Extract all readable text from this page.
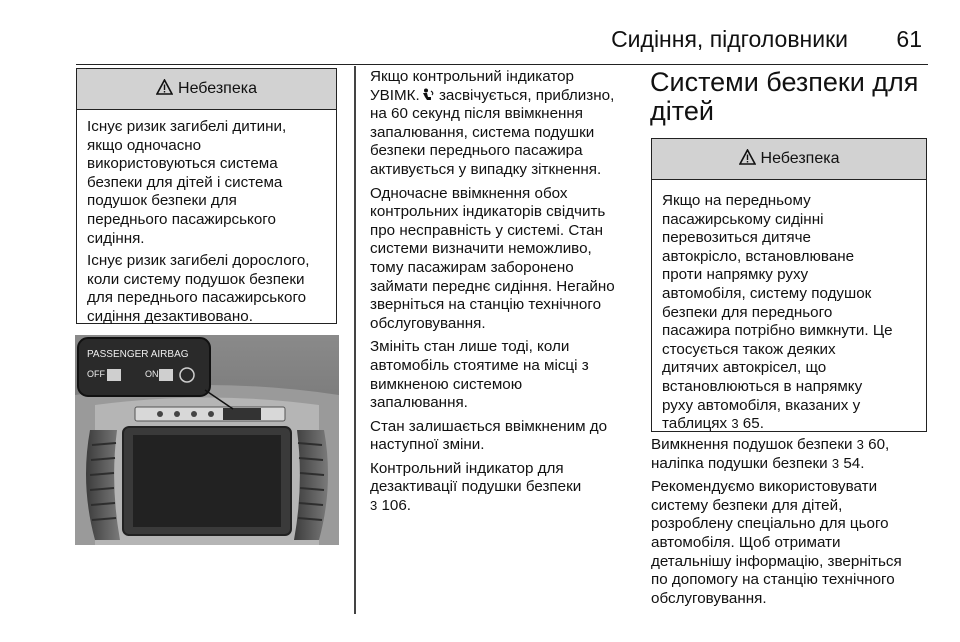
Сидіння, підголовники 61
Небезпека

Існує ризик загибелі дитини,
якщо одночасно
використовуються система
безпеки для дітей і система
подушок безпеки для
переднього пасажирського
сидіння.

Існує ризик загибелі дорослого,
коли систему подушок безпеки
для переднього пасажирського
сидіння дезактивовано.

PASSENGER AIRBAG
OFF	ON

Якщо контрольний індикатор
УВІМК. засвічується, приблизно,
на 60 секунд після ввімкнення
запалювання, система подушки
безпеки переднього пасажира
активується у випадку зіткнення.

Одночасне ввімкнення обох
контрольних індикаторів свідчить
про несправність у системі. Стан
системи визначити неможливо,
тому пасажирам заборонено
займати переднє сидіння. Негайно
зверніться на станцію технічного
обслуговування.

Змініть стан лише тоді, коли
автомобіль стоятиме на місці з
вимкненою системою
запалювання.

Стан залишається ввімкненим до
наступної зміни.

Контрольний індикатор для
дезактивації подушки безпеки
3 106.

Системи безпеки для
дітей
Небезпека

Якщо на передньому
пасажирському сидінні
перевозиться дитяче
автокрісло, встановлюване
проти напрямку руху
автомобіля, систему подушок
безпеки для переднього
пасажира потрібно вимкнути. Це
стосується також деяких
дитячих автокрісел, що
встановлюються в напрямку
руху автомобіля, вказаних у
таблицях 3 65.

Вимкнення подушок безпеки 3 60,
наліпка подушки безпеки 3 54.

Рекомендуємо використовувати
систему безпеки для дітей,
розроблену спеціально для цього
автомобіля. Щоб отримати
детальнішу інформацію, зверніться
по допомогу на станцію технічного
обслуговування.
